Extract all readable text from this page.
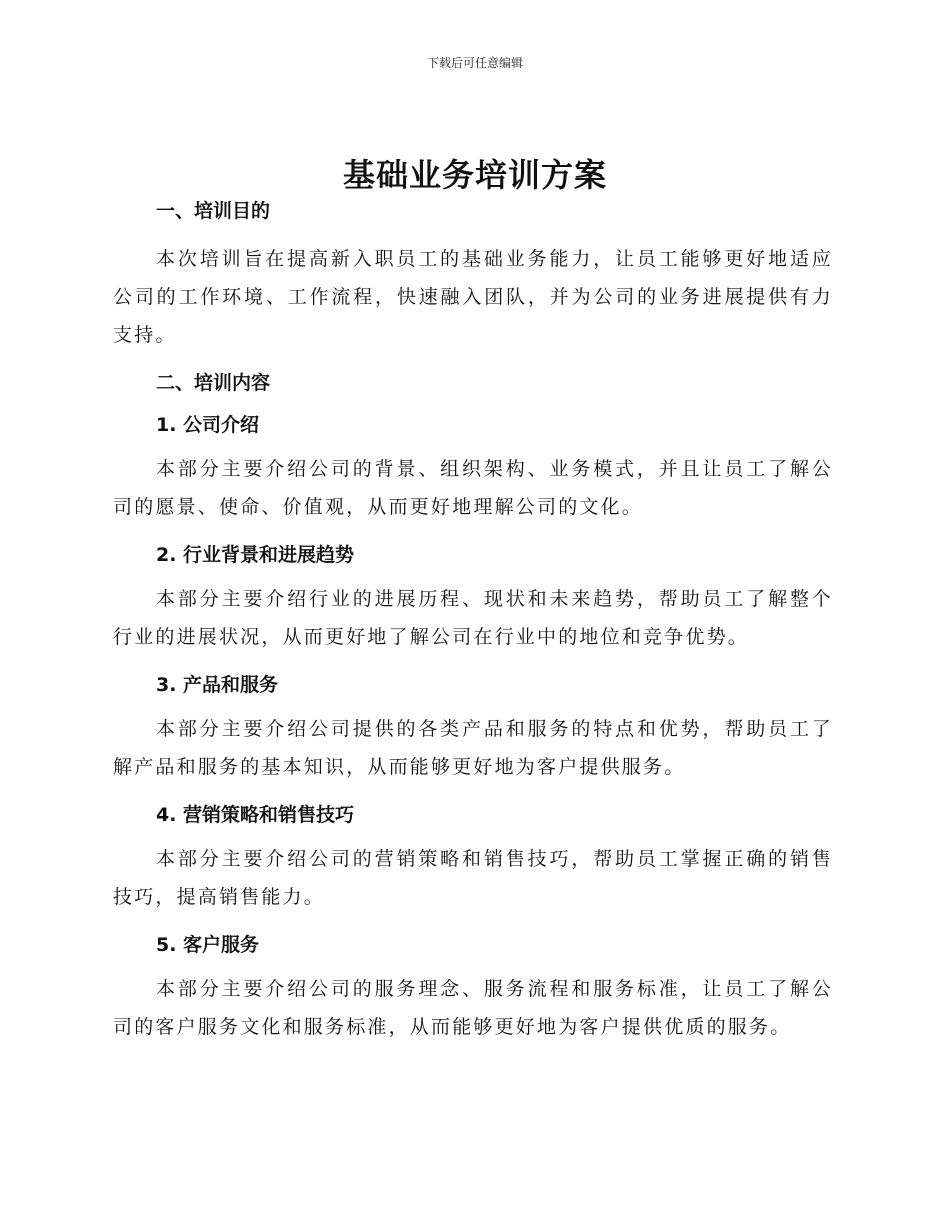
下载后可任意编辑
基础业务培训方案
一、培训目的

本次培训旨在提高新入职员工的基础业务能力，让员工能够更好地适应公司的工作环境、工作流程，快速融入团队，并为公司的业务进展提供有力支持。

二、培训内容
1. 公司介绍

本部分主要介绍公司的背景、组织架构、业务模式，并且让员工了解公司的愿景、使命、价值观，从而更好地理解公司的文化。

2. 行业背景和进展趋势

本部分主要介绍行业的进展历程、现状和未来趋势，帮助员工了解整个行业的进展状况，从而更好地了解公司在行业中的地位和竞争优势。

3. 产品和服务

本部分主要介绍公司提供的各类产品和服务的特点和优势，帮助员工了解产品和服务的基本知识，从而能够更好地为客户提供服务。

4. 营销策略和销售技巧

本部分主要介绍公司的营销策略和销售技巧，帮助员工掌握正确的销售技巧，提高销售能力。

5. 客户服务

本部分主要介绍公司的服务理念、服务流程和服务标准，让员工了解公司的客户服务文化和服务标准，从而能够更好地为客户提供优质的服务。
